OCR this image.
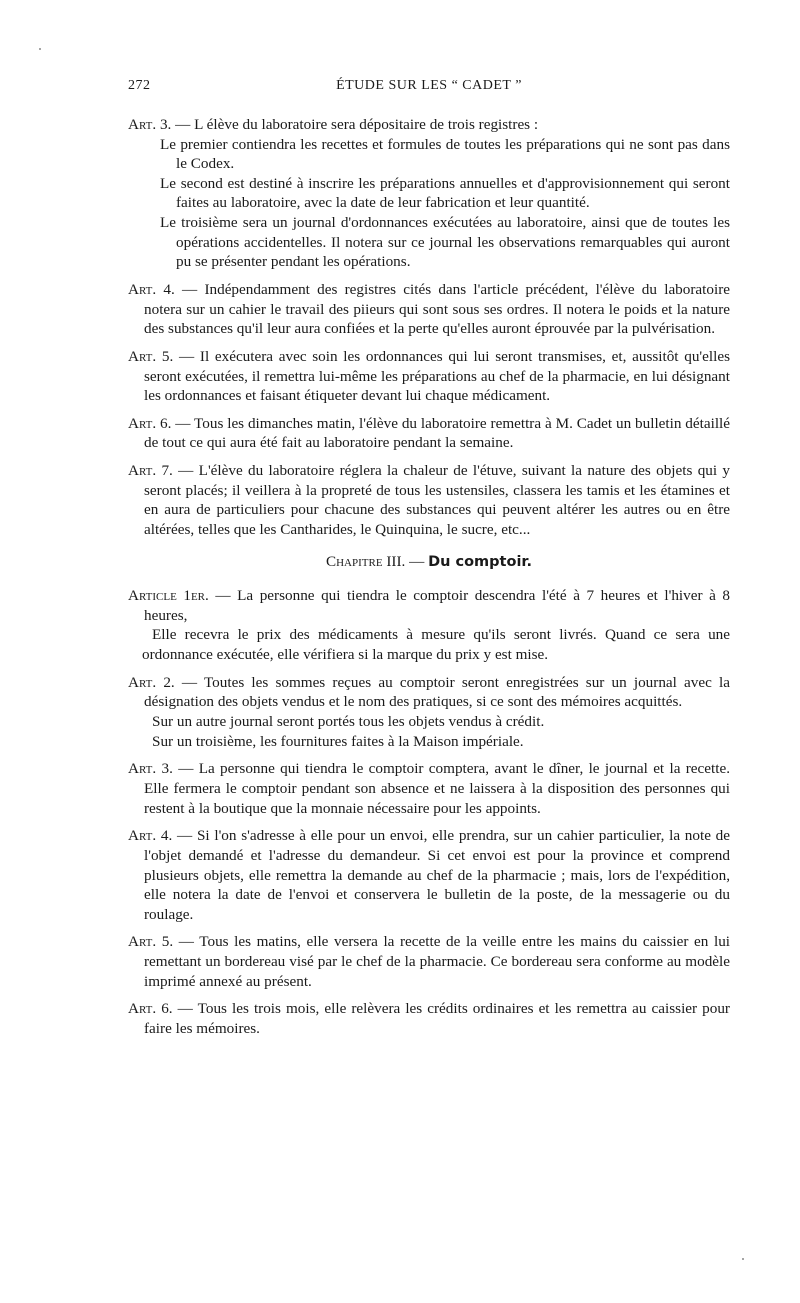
272	ÉTUDE SUR LES “ CADET ”

Art. 3. — L élève du laboratoire sera dépositaire de trois registres :

Le premier contiendra les recettes et formules de toutes les préparations qui ne sont pas dans le Codex.

Le second est destiné à inscrire les préparations annuelles et d'approvisionnement qui seront faites au laboratoire, avec la date de leur fabrication et leur quantité.

Le troisième sera un journal d'ordonnances exécutées au laboratoire, ainsi que de toutes les opérations accidentelles. Il notera sur ce journal les observations remarquables qui auront pu se présenter pendant les opérations.

Art. 4. — Indépendamment des registres cités dans l'article précédent, l'élève du laboratoire notera sur un cahier le travail des piieurs qui sont sous ses ordres. Il notera le poids et la nature des substances qu'il leur aura confiées et la perte qu'elles auront éprouvée par la pulvérisation.

Art. 5. — Il exécutera avec soin les ordonnances qui lui seront transmises, et, aussitôt qu'elles seront exécutées, il remettra lui-même les préparations au chef de la pharmacie, en lui désignant les ordonnances et faisant étiqueter devant lui chaque médicament.

Art. 6. — Tous les dimanches matin, l'élève du laboratoire remettra à M. Cadet un bulletin détaillé de tout ce qui aura été fait au laboratoire pendant la semaine.

Art. 7. — L'élève du laboratoire réglera la chaleur de l'étuve, suivant la nature des objets qui y seront placés; il veillera à la propreté de tous les ustensiles, classera les tamis et les étamines et en aura de particuliers pour chacune des substances qui peuvent altérer les autres ou en être altérées, telles que les Cantharides, le Quinquina, le sucre, etc...

Chapitre III. — Du comptoir.

Article 1er. — La personne qui tiendra le comptoir descendra l'été à 7 heures et l'hiver à 8 heures,

Elle recevra le prix des médicaments à mesure qu'ils seront livrés. Quand ce sera une ordonnance exécutée, elle vérifiera si la marque du prix y est mise.

Art. 2. — Toutes les sommes reçues au comptoir seront enregistrées sur un journal avec la désignation des objets vendus et le nom des pratiques, si ce sont des mémoires acquittés.

Sur un autre journal seront portés tous les objets vendus à crédit.

Sur un troisième, les fournitures faites à la Maison impériale.

Art. 3. — La personne qui tiendra le comptoir comptera, avant le dîner, le journal et la recette. Elle fermera le comptoir pendant son absence et ne laissera à la disposition des personnes qui restent à la boutique que la monnaie nécessaire pour les appoints.

Art. 4. — Si l'on s'adresse à elle pour un envoi, elle prendra, sur un cahier particulier, la note de l'objet demandé et l'adresse du demandeur. Si cet envoi est pour la province et comprend plusieurs objets, elle remettra la demande au chef de la pharmacie ; mais, lors de l'expédition, elle notera la date de l'envoi et conservera le bulletin de la poste, de la messagerie ou du roulage.

Art. 5. — Tous les matins, elle versera la recette de la veille entre les mains du caissier en lui remettant un bordereau visé par le chef de la pharmacie. Ce bordereau sera conforme au modèle imprimé annexé au présent.

Art. 6. — Tous les trois mois, elle relèvera les crédits ordinaires et les remettra au caissier pour faire les mémoires.
